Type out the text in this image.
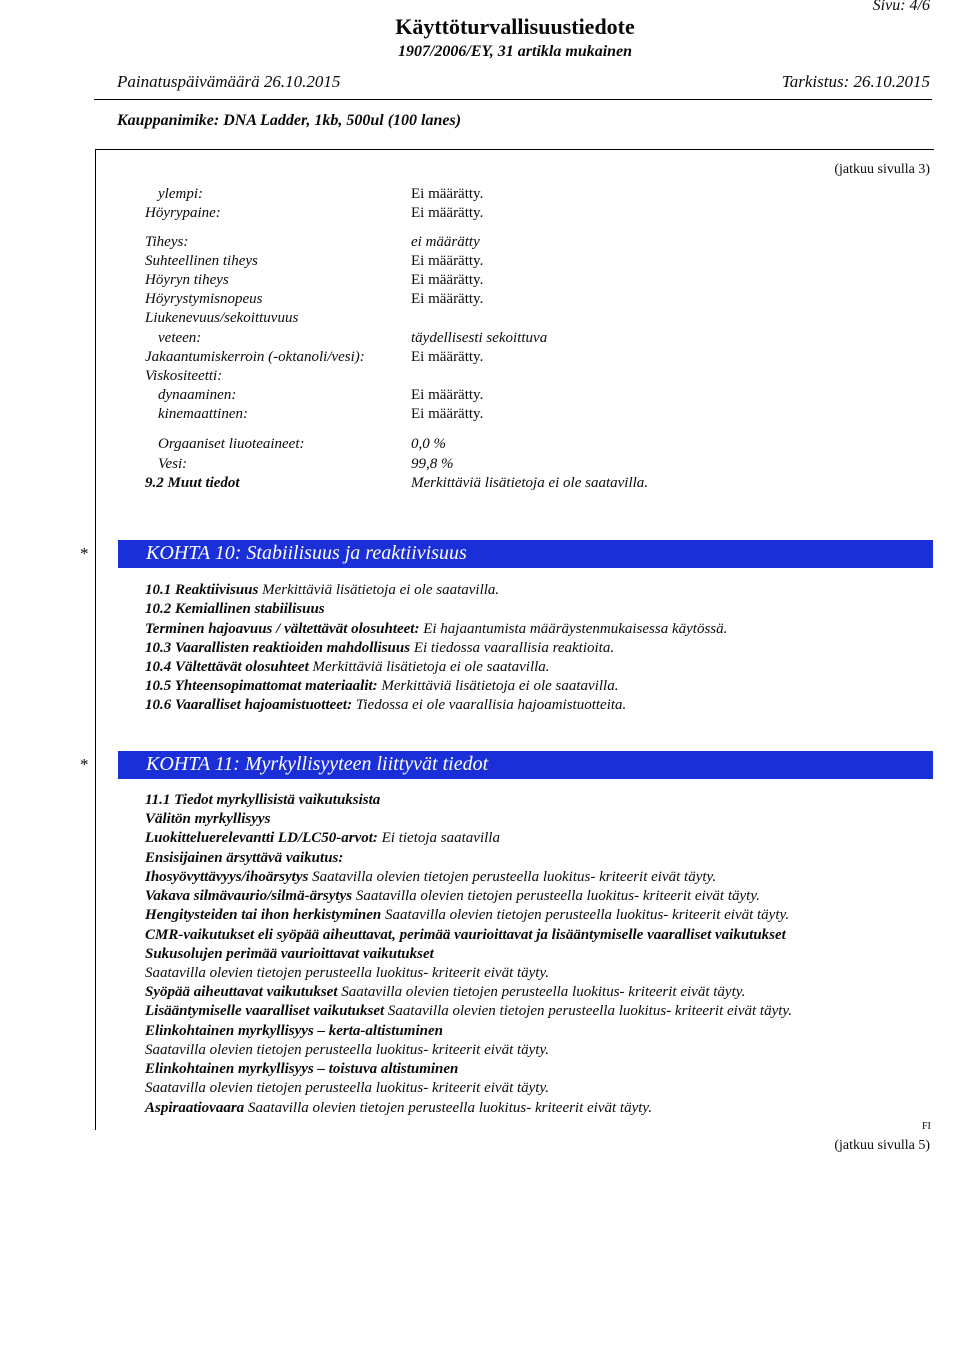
Sivu: 4/6
Käyttöturvallisuustiedote
1907/2006/EY, 31 artikla mukainen
Painatuspäivämäärä 26.10.2015	Tarkistus: 26.10.2015
Kauppanimike: DNA Ladder, 1kb, 500ul (100 lanes)
(jatkuu sivulla 3)
ylempi:	Ei määrätty.
Höyrypaine:	Ei määrätty.
Tiheys:	ei määrätty
Suhteellinen tiheys	Ei määrätty.
Höyryn tiheys	Ei määrätty.
Höyrystymisnopeus	Ei määrätty.
Liukenevuus/sekoittuvuus
veteen:	täydellisesti sekoittuva
Jakaantumiskerroin (-oktanoli/vesi):	Ei määrätty.
Viskositeetti:
dynaaminen:	Ei määrätty.
kinemaattinen:	Ei määrätty.
Orgaaniset liuoteaineet:	0,0 %
Vesi:	99,8 %
9.2 Muut tiedot	Merkittäviä lisätietoja ei ole saatavilla.
*	KOHTA 10: Stabiilisuus ja reaktiivisuus
10.1 Reaktiivisuus Merkittäviä lisätietoja ei ole saatavilla.
10.2 Kemiallinen stabiilisuus
Terminen hajoavuus / vältettävät olosuhteet: Ei hajaantumista määräystenmukaisessa käytössä.
10.3 Vaarallisten reaktioiden mahdollisuus Ei tiedossa vaarallisia reaktioita.
10.4 Vältettävät olosuhteet Merkittäviä lisätietoja ei ole saatavilla.
10.5 Yhteensopimattomat materiaalit: Merkittäviä lisätietoja ei ole saatavilla.
10.6 Vaaralliset hajoamistuotteet: Tiedossa ei ole vaarallisia hajoamistuotteita.
*	KOHTA 11: Myrkyllisyyteen liittyvät tiedot
11.1 Tiedot myrkyllisistä vaikutuksista
Välitön myrkyllisyys
Luokitteluerelevantti LD/LC50-arvot: Ei tietoja saatavilla
Ensisijainen ärsyttävä vaikutus:
Ihosyövyttävyys/ihoärsytys Saatavilla olevien tietojen perusteella luokitus- kriteerit eivät täyty.
Vakava silmävaurio/silmä-ärsytys Saatavilla olevien tietojen perusteella luokitus- kriteerit eivät täyty.
Hengitysteiden tai ihon herkistyminen Saatavilla olevien tietojen perusteella luokitus- kriteerit eivät täyty.
CMR-vaikutukset eli syöpää aiheuttavat, perimää vaurioittavat ja lisääntymiselle vaaralliset vaikutukset
Sukusolujen perimää vaurioittavat vaikutukset
Saatavilla olevien tietojen perusteella luokitus- kriteerit eivät täyty.
Syöpää aiheuttavat vaikutukset Saatavilla olevien tietojen perusteella luokitus- kriteerit eivät täyty.
Lisääntymiselle vaaralliset vaikutukset Saatavilla olevien tietojen perusteella luokitus- kriteerit eivät täyty.
Elinkohtainen myrkyllisyys – kerta-altistuminen
Saatavilla olevien tietojen perusteella luokitus- kriteerit eivät täyty.
Elinkohtainen myrkyllisyys – toistuva altistuminen
Saatavilla olevien tietojen perusteella luokitus- kriteerit eivät täyty.
Aspiraatiovaara Saatavilla olevien tietojen perusteella luokitus- kriteerit eivät täyty.
FI
(jatkuu sivulla 5)
